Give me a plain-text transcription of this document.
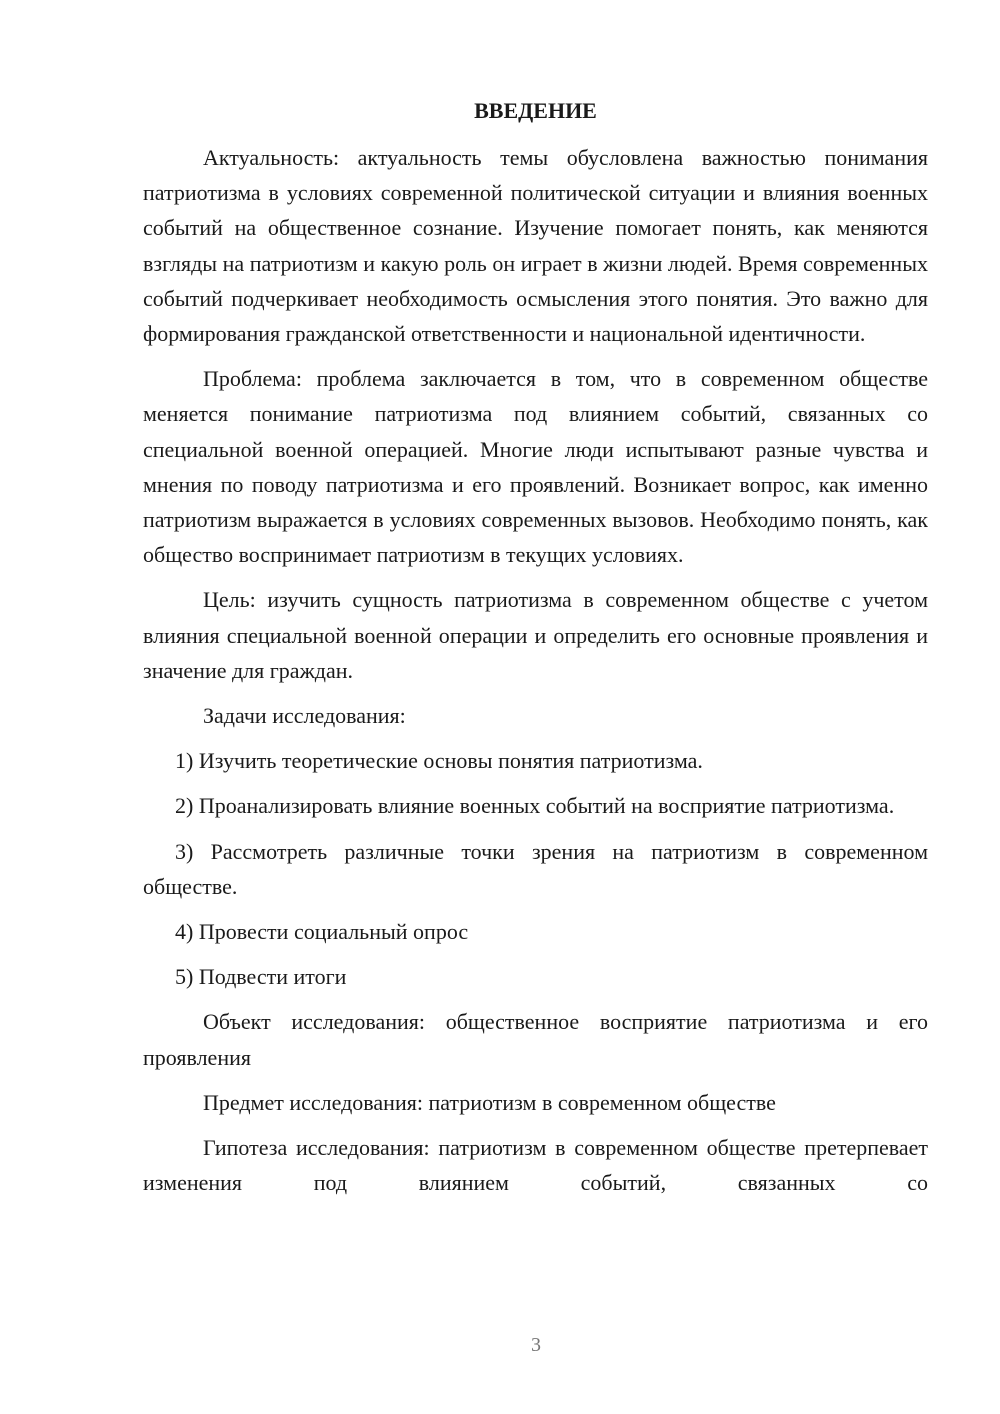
ВВЕДЕНИЕ

Актуальность: актуальность темы обусловлена важностью понимания патриотизма в условиях современной политической ситуации и влияния военных событий на общественное сознание. Изучение помогает понять, как меняются взгляды на патриотизм и какую роль он играет в жизни людей. Время современных событий подчеркивает необходимость осмысления этого понятия. Это важно для формирования гражданской ответственности и национальной идентичности.

Проблема: проблема заключается в том, что в современном обществе меняется понимание патриотизма под влиянием событий, связанных со специальной военной операцией. Многие люди испытывают разные чувства и мнения по поводу патриотизма и его проявлений. Возникает вопрос, как именно патриотизм выражается в условиях современных вызовов. Необходимо понять, как общество воспринимает патриотизм в текущих условиях.

Цель: изучить сущность патриотизма в современном обществе с учетом влияния специальной военной операции и определить его основные проявления и значение для граждан.

Задачи исследования:

1) Изучить теоретические основы понятия патриотизма.

2) Проанализировать влияние военных событий на восприятие патриотизма.

3) Рассмотреть различные точки зрения на патриотизм в современном обществе.

4) Провести социальный опрос

5) Подвести итоги

Объект исследования: общественное восприятие патриотизма и его проявления

Предмет исследования: патриотизм в современном обществе

Гипотеза исследования: патриотизм в современном обществе претерпевает изменения под влиянием событий, связанных со

3
